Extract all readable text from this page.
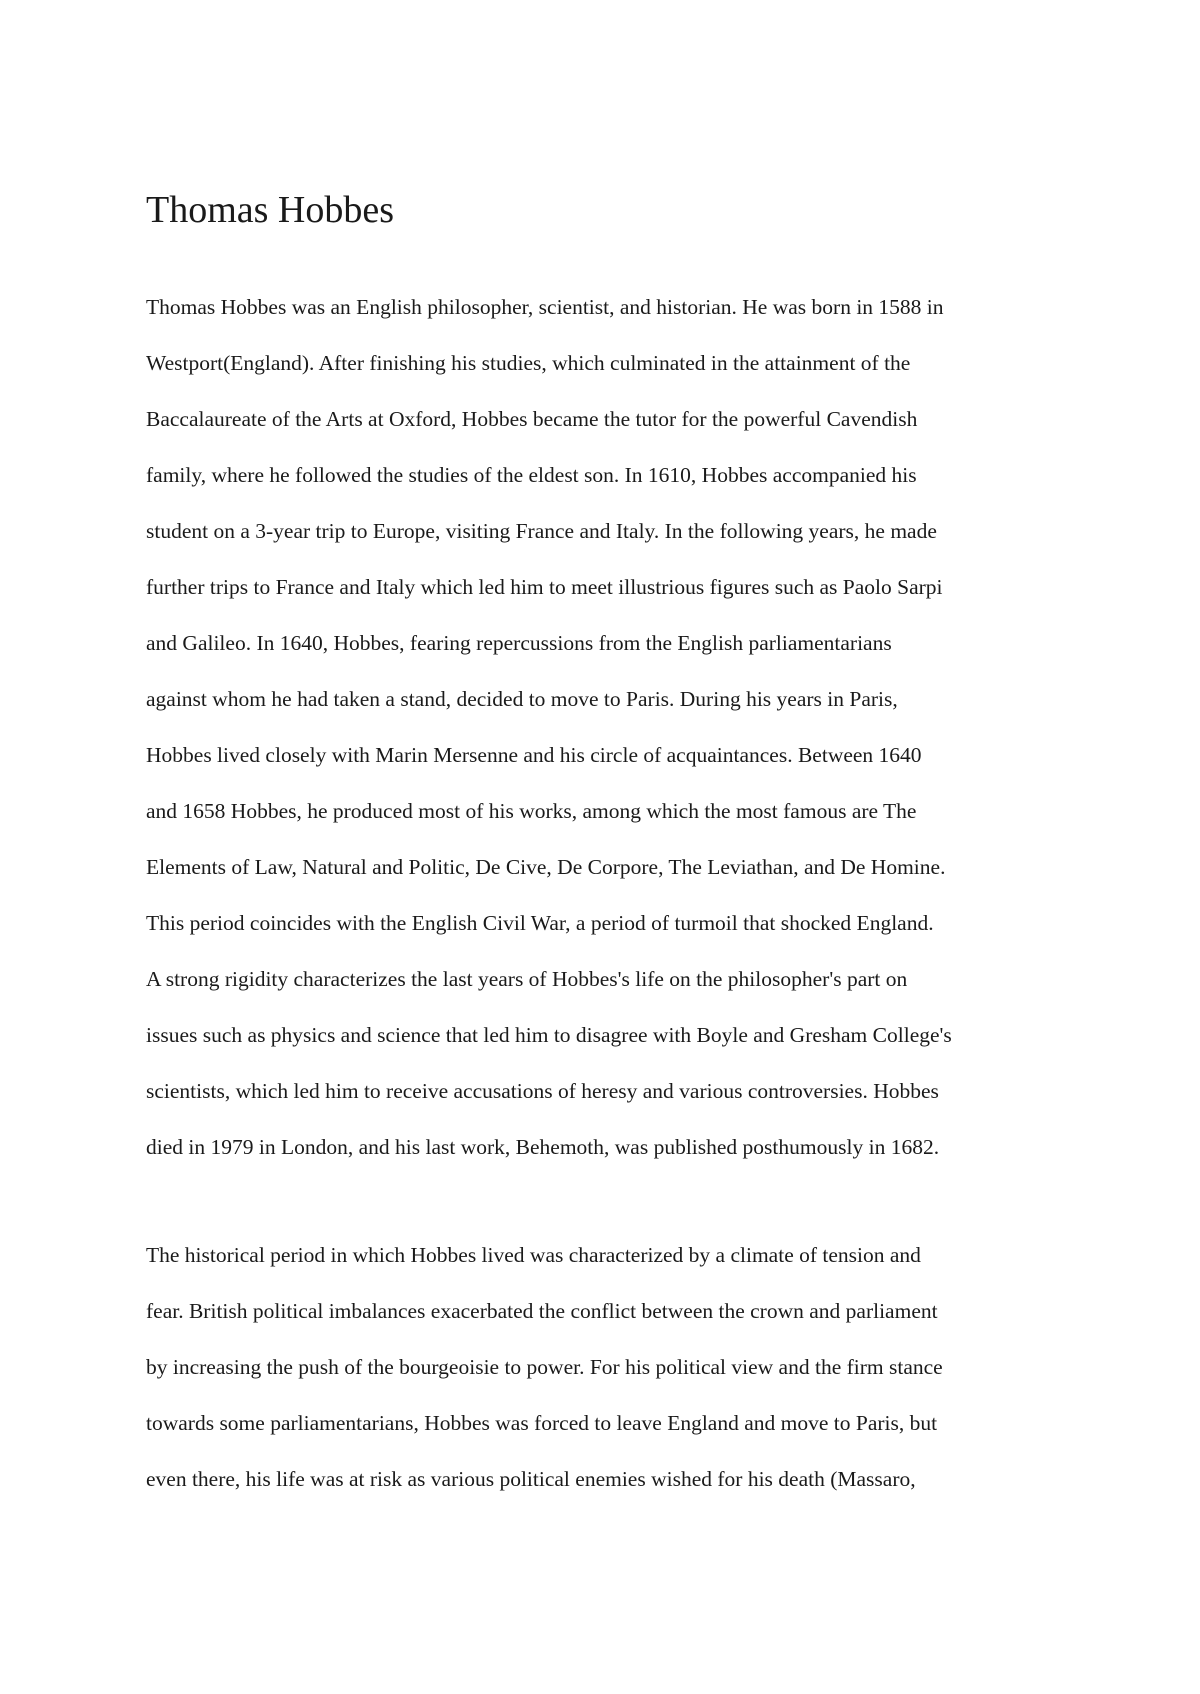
Thomas Hobbes
Thomas Hobbes was an English philosopher, scientist, and historian. He was born in 1588 in
Westport(England). After finishing his studies, which culminated in the attainment of the
Baccalaureate of the Arts at Oxford, Hobbes became the tutor for the powerful Cavendish
family, where he followed the studies of the eldest son. In 1610, Hobbes accompanied his
student on a 3-year trip to Europe, visiting France and Italy. In the following years, he made
further trips to France and Italy which led him to meet illustrious figures such as Paolo Sarpi
and Galileo. In 1640, Hobbes, fearing repercussions from the English parliamentarians
against whom he had taken a stand, decided to move to Paris. During his years in Paris,
Hobbes lived closely with Marin Mersenne and his circle of acquaintances. Between 1640
and 1658 Hobbes, he produced most of his works, among which the most famous are The
Elements of Law, Natural and Politic, De Cive, De Corpore, The Leviathan, and De Homine.
This period coincides with the English Civil War, a period of turmoil that shocked England.
A strong rigidity characterizes the last years of Hobbes's life on the philosopher's part on
issues such as physics and science that led him to disagree with Boyle and Gresham College's
scientists, which led him to receive accusations of heresy and various controversies. Hobbes
died in 1979 in London, and his last work, Behemoth, was published posthumously in 1682.
The historical period in which Hobbes lived was characterized by a climate of tension and
fear. British political imbalances exacerbated the conflict between the crown and parliament
by increasing the push of the bourgeoisie to power. For his political view and the firm stance
towards some parliamentarians, Hobbes was forced to leave England and move to Paris, but
even there, his life was at risk as various political enemies wished for his death (Massaro,
